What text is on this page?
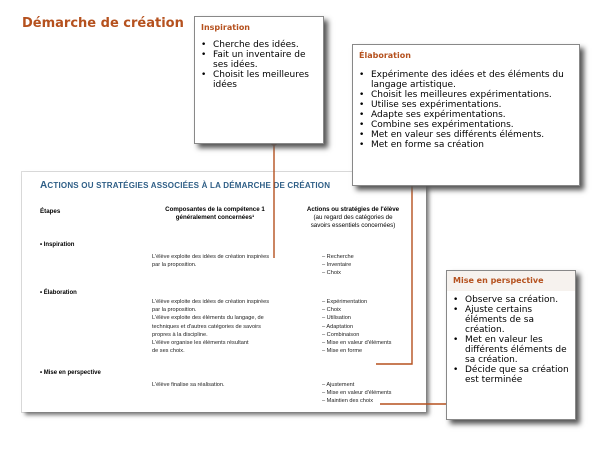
Démarche de création
ACTIONS OU STRATÉGIES ASSOCIÉES À LA DÉMARCHE DE CRÉATION
Étapes	Composantes de la compétence 1
généralement concernées¹
Actions ou stratégies de l'élève
(au regard des catégories de
savoirs essentiels concernées)
• Inspiration
L'élève exploite des idées de création inspirées
par la proposition.
– Recherche
– Inventaire
– Choix
• Élaboration
L'élève exploite des idées de création inspirées
par la proposition.
L'élève exploite des éléments du langage, de
techniques et d'autres catégories de savoirs
propres à la discipline.
L'élève organise les éléments résultant
de ses choix.
– Expérimentation
– Choix
– Utilisation
– Adaptation
– Combinaison
– Mise en valeur d'éléments
– Mise en forme
• Mise en perspective
L'élève finalise sa réalisation.
–	Ajustement
– Mise en valeur d'éléments
– Maintien des choix
Inspiration
• Cherche des idées.
• Fait un inventaire de ses idées.
• Choisit les meilleures idées
Élaboration
• Expérimente des idées et des éléments du langage artistique.
• Choisit les meilleures expérimentations.
• Utilise ses expérimentations.
• Adapte ses expérimentations.
• Combine ses expérimentations.
• Met en valeur ses différents éléments.
• Met en forme sa création
Mise en perspective
• Observe sa création.
• Ajuste certains éléments de sa création.
• Met en valeur les différents éléments de sa création.
• Décide que sa création est terminée
